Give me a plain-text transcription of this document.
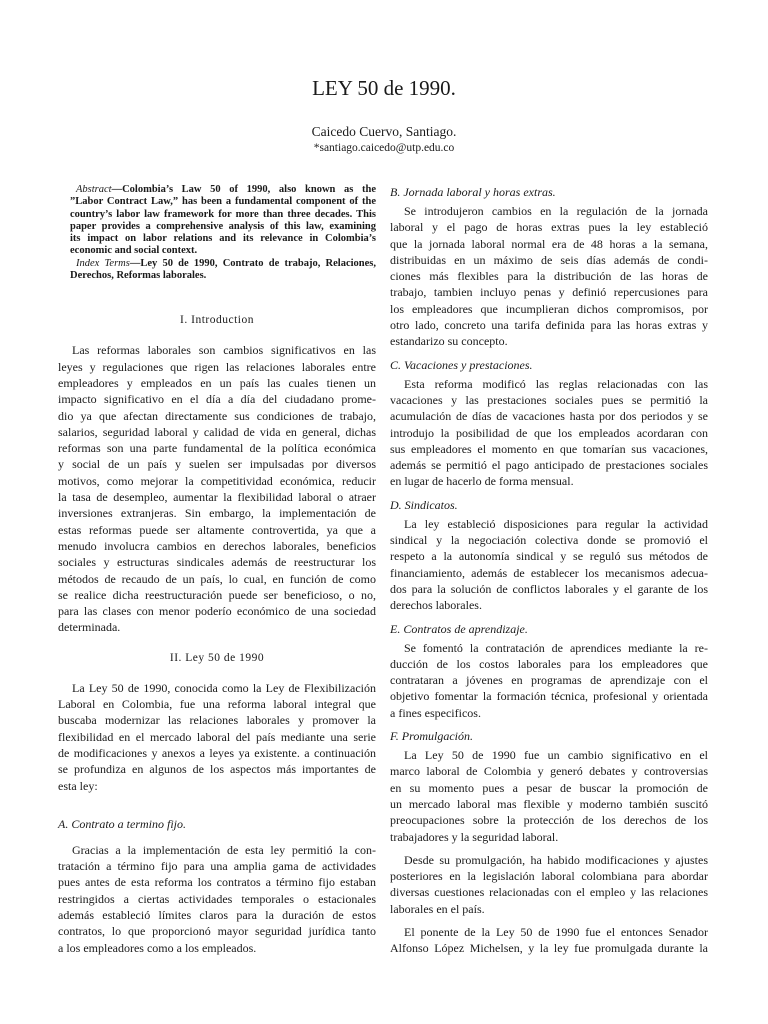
LEY 50 de 1990.
Caicedo Cuervo, Santiago.
*santiago.caicedo@utp.edu.co
Abstract—Colombia’s Law 50 of 1990, also known as the
”Labor Contract Law,” has been a fundamental component of the
country’s labor law framework for more than three decades. This
paper provides a comprehensive analysis of this law, examining
its impact on labor relations and its relevance in Colombia’s
economic and social context.
Index Terms—Ley 50 de 1990, Contrato de trabajo, Relaciones,
Derechos, Reformas laborales.
I. Introduction
Las reformas laborales son cambios significativos en las
leyes y regulaciones que rigen las relaciones laborales entre
empleadores y empleados en un país las cuales tienen un
impacto significativo en el día a día del ciudadano prome-
dio ya que afectan directamente sus condiciones de trabajo,
salarios, seguridad laboral y calidad de vida en general, dichas
reformas son una parte fundamental de la política económica
y social de un país y suelen ser impulsadas por diversos
motivos, como mejorar la competitividad económica, reducir
la tasa de desempleo, aumentar la flexibilidad laboral o atraer
inversiones extranjeras. Sin embargo, la implementación de
estas reformas puede ser altamente controvertida, ya que a
menudo involucra cambios en derechos laborales, beneficios
sociales y estructuras sindicales además de reestructurar los
métodos de recaudo de un país, lo cual, en función de como
se realice dicha reestructuración puede ser beneficioso, o no,
para las clases con menor poderío económico de una sociedad
determinada.
II. Ley 50 de 1990
La Ley 50 de 1990, conocida como la Ley de Flexibilización
Laboral en Colombia, fue una reforma laboral integral que
buscaba modernizar las relaciones laborales y promover la
flexibilidad en el mercado laboral del país mediante una serie
de modificaciones y anexos a leyes ya existente. a continuación
se profundiza en algunos de los aspectos más importantes de
esta ley:
A. Contrato a termino fijo.
Gracias a la implementación de esta ley permitió la con-
tratación a término fijo para una amplia gama de actividades
pues antes de esta reforma los contratos a término fijo estaban
restringidos a ciertas actividades temporales o estacionales
además estableció límites claros para la duración de estos
contratos, lo que proporcionó mayor seguridad jurídica tanto
a los empleadores como a los empleados.
B. Jornada laboral y horas extras.
Se introdujeron cambios en la regulación de la jornada
laboral y el pago de horas extras pues la ley estableció
que la jornada laboral normal era de 48 horas a la semana,
distribuidas en un máximo de seis días además de condi-
ciones más flexibles para la distribución de las horas de
trabajo, tambien incluyo penas y definió repercusiones para
los empleadores que incumplieran dichos compromisos, por
otro lado, concreto una tarifa definida para las horas extras y
estandarizo su concepto.
C. Vacaciones y prestaciones.
Esta reforma modificó las reglas relacionadas con las
vacaciones y las prestaciones sociales pues se permitió la
acumulación de días de vacaciones hasta por dos periodos y se
introdujo la posibilidad de que los empleados acordaran con
sus empleadores el momento en que tomarían sus vacaciones,
además se permitió el pago anticipado de prestaciones sociales
en lugar de hacerlo de forma mensual.
D. Sindicatos.
La ley estableció disposiciones para regular la actividad
sindical y la negociación colectiva donde se promovió el
respeto a la autonomía sindical y se reguló sus métodos de
financiamiento, además de establecer los mecanismos adecua-
dos para la solución de conflictos laborales y el garante de los
derechos laborales.
E. Contratos de aprendizaje.
Se fomentó la contratación de aprendices mediante la re-
ducción de los costos laborales para los empleadores que
contrataran a jóvenes en programas de aprendizaje con el
objetivo fomentar la formación técnica, profesional y orientada
a fines especificos.
F. Promulgación.
La Ley 50 de 1990 fue un cambio significativo en el
marco laboral de Colombia y generó debates y controversias
en su momento pues a pesar de buscar la promoción de
un mercado laboral mas flexible y moderno también suscitó
preocupaciones sobre la protección de los derechos de los
trabajadores y la seguridad laboral.
Desde su promulgación, ha habido modificaciones y ajustes
posteriores en la legislación laboral colombiana para abordar
diversas cuestiones relacionadas con el empleo y las relaciones
laborales en el país.
El ponente de la Ley 50 de 1990 fue el entonces Senador
Alfonso López Michelsen, y la ley fue promulgada durante la
